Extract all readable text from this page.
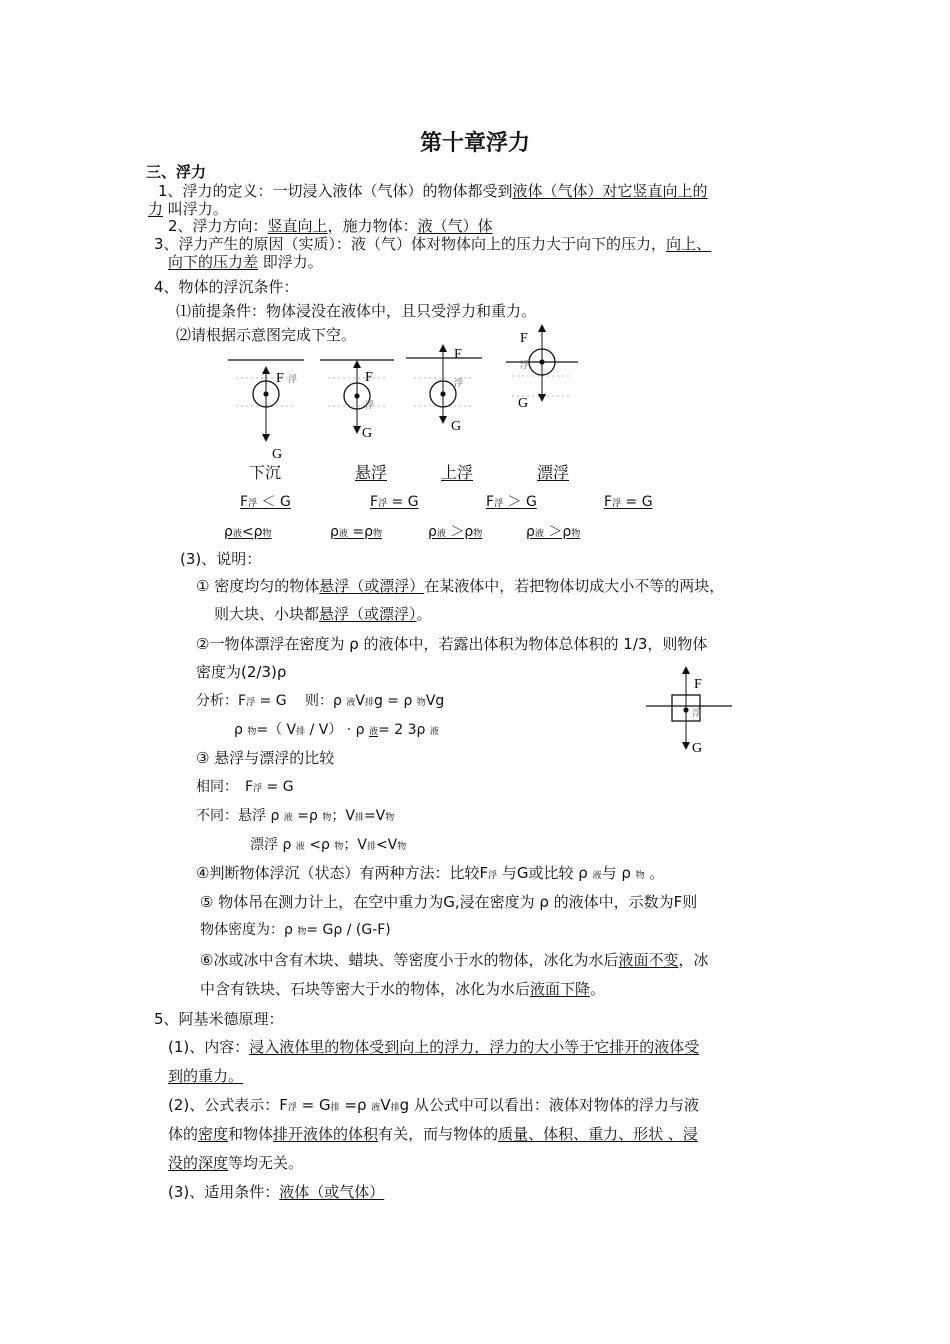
第十章浮力
三、浮力
1、浮力的定义：一切浸入液体（气体）的物体都受到液体（气体）对它竖直向上的
力 叫浮力。
2、浮力方向：竖直向上，施力物体：液（气）体
3、浮力产生的原因（实质）：液（气）体对物体向上的压力大于向下的压力，向上、
向下的压力差 即浮力。
4、物体的浮沉条件：
⑴前提条件：物体浸没在液体中，且只受浮力和重力。
⑵请根据示意图完成下空。
F 浮
G
F
浮
G
F
浮
G
F
浮
G
下沉	悬浮	上浮	漂浮
F浮 ＜ G	F浮 = G	F浮 ＞ G	F浮 = G
ρ液<ρ物	ρ液 =ρ物	ρ液 ＞ρ物	ρ液 ＞ρ物
(3)、说明：
① 密度均匀的物体悬浮（或漂浮）在某液体中，若把物体切成大小不等的两块，
则大块、小块都悬浮（或漂浮）。
②一物体漂浮在密度为 ρ 的液体中，若露出体积为物体总体积的 1/3，则物体
密度为(2/3)ρ
分析：F浮 = G　 则：ρ 液V排g = ρ 物Vg
ρ 物=（ V排 / V） · ρ 液= 2 3ρ 液
F
浮
G
③ 悬浮与漂浮的比较
相同：　F浮 = G
不同：悬浮 ρ 液 =ρ 物；V排=V物
漂浮 ρ 液 <ρ 物；V排<V物
④判断物体浮沉（状态）有两种方法：比较F浮 与G或比较 ρ 液与 ρ 物 。
⑤ 物体吊在测力计上，在空中重力为G,浸在密度为 ρ 的液体中，示数为F则
物体密度为：ρ 物= Gρ / (G-F)
⑥冰或冰中含有木块、蜡块、等密度小于水的物体，冰化为水后液面不变，冰
中含有铁块、石块等密大于水的物体，冰化为水后液面下降。
5、阿基米德原理：
(1)、内容：浸入液体里的物体受到向上的浮力，浮力的大小等于它排开的液体受
到的重力。
(2)、公式表示：F浮 = G排 =ρ 液V排g 从公式中可以看出：液体对物体的浮力与液
体的密度和物体排开液体的体积有关，而与物体的质量、体积、重力、形状 、浸
没的深度等均无关。
(3)、适用条件：液体（或气体）
